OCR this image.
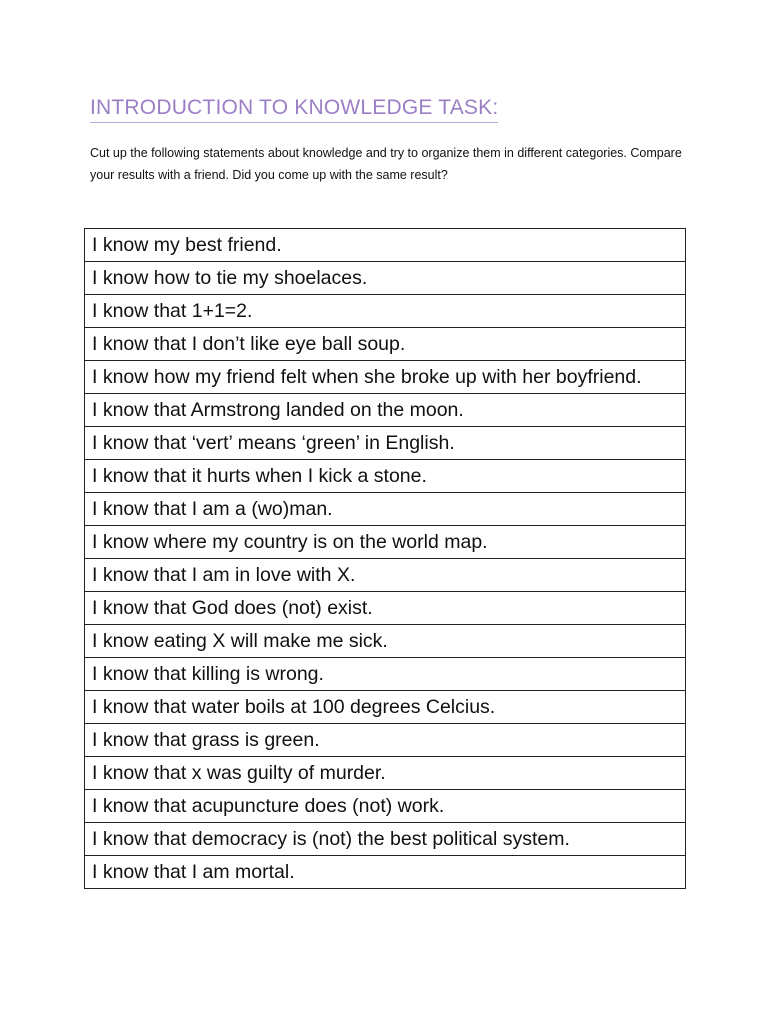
INTRODUCTION TO KNOWLEDGE TASK:
Cut up the following statements about knowledge and try to organize them in different categories. Compare your results with a friend. Did you come up with the same result?
I know my best friend.
I know how to tie my shoelaces.
I know that 1+1=2.
I know that I don’t like eye ball soup.
I know how my friend felt when she broke up with her boyfriend.
I know that Armstrong landed on the moon.
I know that ‘vert’ means ‘green’ in English.
I know that it hurts when I kick a stone.
I know that I am a (wo)man.
I know where my country is on the world map.
I know that I am in love with X.
I know that God does (not) exist.
I know eating X will make me sick.
I know that killing is wrong.
I know that water boils at 100 degrees Celcius.
I know that grass is green.
I know that x was guilty of murder.
I know that acupuncture does (not) work.
I know that democracy is (not) the best political system.
I know that I am mortal.
